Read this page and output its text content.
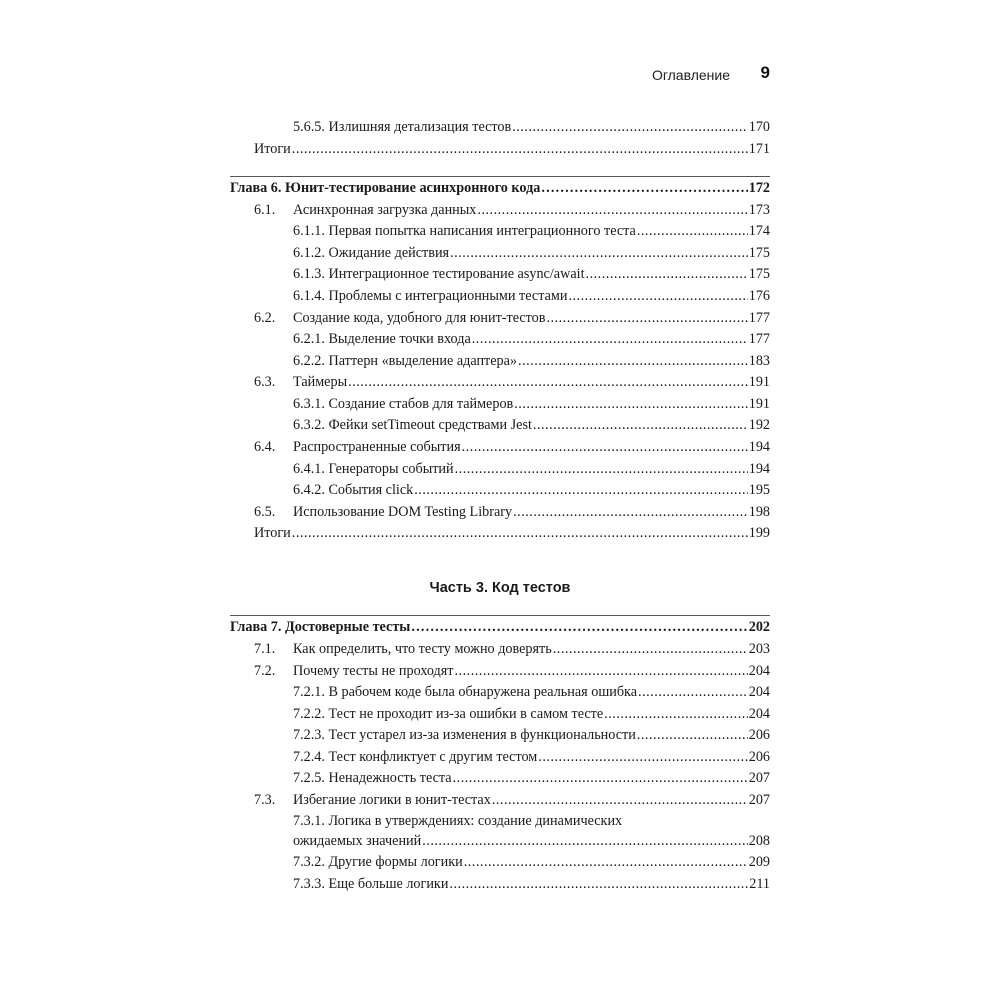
Оглавление 9
Часть 3. Код тестов
5.6.5. Излишняя детализация тестов .....	170
Итоги .....	171
Глава 6. Юнит-тестирование асинхронного кода .....	172
6.1. Асинхронная загрузка данных .....	173
6.1.1. Первая попытка написания интеграционного теста .....	174
6.1.2. Ожидание действия .....	175
6.1.3. Интеграционное тестирование async/await .....	175
6.1.4. Проблемы с интеграционными тестами .....	176
6.2. Создание кода, удобного для юнит-тестов .....	177
6.2.1. Выделение точки входа .....	177
6.2.2. Паттерн «выделение адаптера» .....	183
6.3. Таймеры .....	191
6.3.1. Создание стабов для таймеров .....	191
6.3.2. Фейки setTimeout средствами Jest .....	192
6.4. Распространенные события .....	194
6.4.1. Генераторы событий .....	194
6.4.2. События click .....	195
6.5. Использование DOM Testing Library .....	198
Итоги .....	199
Глава 7. Достоверные тесты .....	202
7.1. Как определить, что тесту можно доверять .....	203
7.2. Почему тесты не проходят .....	204
7.2.1. В рабочем коде была обнаружена реальная ошибка .....	204
7.2.2. Тест не проходит из-за ошибки в самом тесте .....	204
7.2.3. Тест устарел из-за изменения в функциональности .....	206
7.2.4. Тест конфликтует с другим тестом .....	206
7.2.5. Ненадежность теста .....	207
7.3. Избегание логики в юнит-тестах .....	207
7.3.1. Логика в утверждениях: создание динамических
ожидаемых значений .....	208
7.3.2. Другие формы логики .....	209
7.3.3. Еще больше логики .....	211
